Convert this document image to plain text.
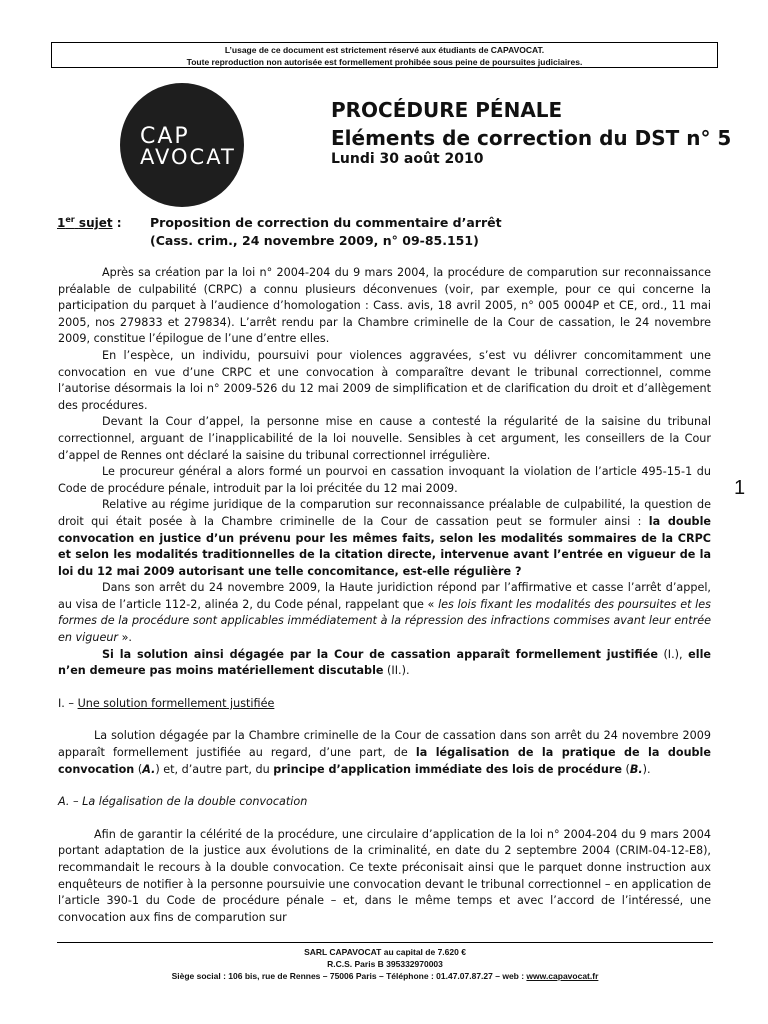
L’usage de ce document est strictement réservé aux étudiants de CAPAVOCAT.
Toute reproduction non autorisée est formellement prohibée sous peine de poursuites judiciaires.
CAP
AVOCAT
PROCÉDURE PÉNALE
Eléments de correction du DST n° 5
Lundi 30 août 2010
1er sujet : Proposition de correction du commentaire d’arrêt
(Cass. crim., 24 novembre 2009, n° 09-85.151)

Après sa création par la loi n° 2004-204 du 9 mars 2004, la procédure de comparution sur reconnaissance préalable de culpabilité (CRPC) a connu plusieurs déconvenues (voir, par exemple, pour ce qui concerne la participation du parquet à l’audience d’homologation : Cass. avis, 18 avril 2005, n° 005 0004P et CE, ord., 11 mai 2005, nos 279833 et 279834). L’arrêt rendu par la Chambre criminelle de la Cour de cassation, le 24 novembre 2009, constitue l’épilogue de l’une d’entre elles.

En l’espèce, un individu, poursuivi pour violences aggravées, s’est vu délivrer concomitamment une convocation en vue d’une CRPC et une convocation à comparaître devant le tribunal correctionnel, comme l’autorise désormais la loi n° 2009-526 du 12 mai 2009 de simplification et de clarification du droit et d’allègement des procédures.

Devant la Cour d’appel, la personne mise en cause a contesté la régularité de la saisine du tribunal correctionnel, arguant de l’inapplicabilité de la loi nouvelle. Sensibles à cet argument, les conseillers de la Cour d’appel de Rennes ont déclaré la saisine du tribunal correctionnel irrégulière.

Le procureur général a alors formé un pourvoi en cassation invoquant la violation de l’article 495-15-1 du Code de procédure pénale, introduit par la loi précitée du 12 mai 2009.

Relative au régime juridique de la comparution sur reconnaissance préalable de culpabilité, la question de droit qui était posée à la Chambre criminelle de la Cour de cassation peut se formuler ainsi : la double convocation en justice d’un prévenu pour les mêmes faits, selon les modalités sommaires de la CRPC et selon les modalités traditionnelles de la citation directe, intervenue avant l’entrée en vigueur de la loi du 12 mai 2009 autorisant une telle concomitance, est-elle régulière ?

Dans son arrêt du 24 novembre 2009, la Haute juridiction répond par l’affirmative et casse l’arrêt d’appel, au visa de l’article 112-2, alinéa 2, du Code pénal, rappelant que « les lois fixant les modalités des poursuites et les formes de la procédure sont applicables immédiatement à la répression des infractions commises avant leur entrée en vigueur ».

Si la solution ainsi dégagée par la Cour de cassation apparaît formellement justifiée (I.), elle n’en demeure pas moins matériellement discutable (II.).

I. – Une solution formellement justifiée

La solution dégagée par la Chambre criminelle de la Cour de cassation dans son arrêt du 24 novembre 2009 apparaît formellement justifiée au regard, d’une part, de la légalisation de la pratique de la double convocation (A.) et, d’autre part, du principe d’application immédiate des lois de procédure (B.).

A. – La légalisation de la double convocation

Afin de garantir la célérité de la procédure, une circulaire d’application de la loi n° 2004-204 du 9 mars 2004 portant adaptation de la justice aux évolutions de la criminalité, en date du 2 septembre 2004 (CRIM-04-12-E8), recommandait le recours à la double convocation. Ce texte préconisait ainsi que le parquet donne instruction aux enquêteurs de notifier à la personne poursuivie une convocation devant le tribunal correctionnel – en application de l’article 390-1 du Code de procédure pénale – et, dans le même temps et avec l’accord de l’intéressé, une convocation aux fins de comparution sur

1
SARL CAPAVOCAT au capital de 7.620 €
R.C.S. Paris B 395332970003
Siège social : 106 bis, rue de Rennes – 75006 Paris – Téléphone : 01.47.07.87.27 – web : www.capavocat.fr
